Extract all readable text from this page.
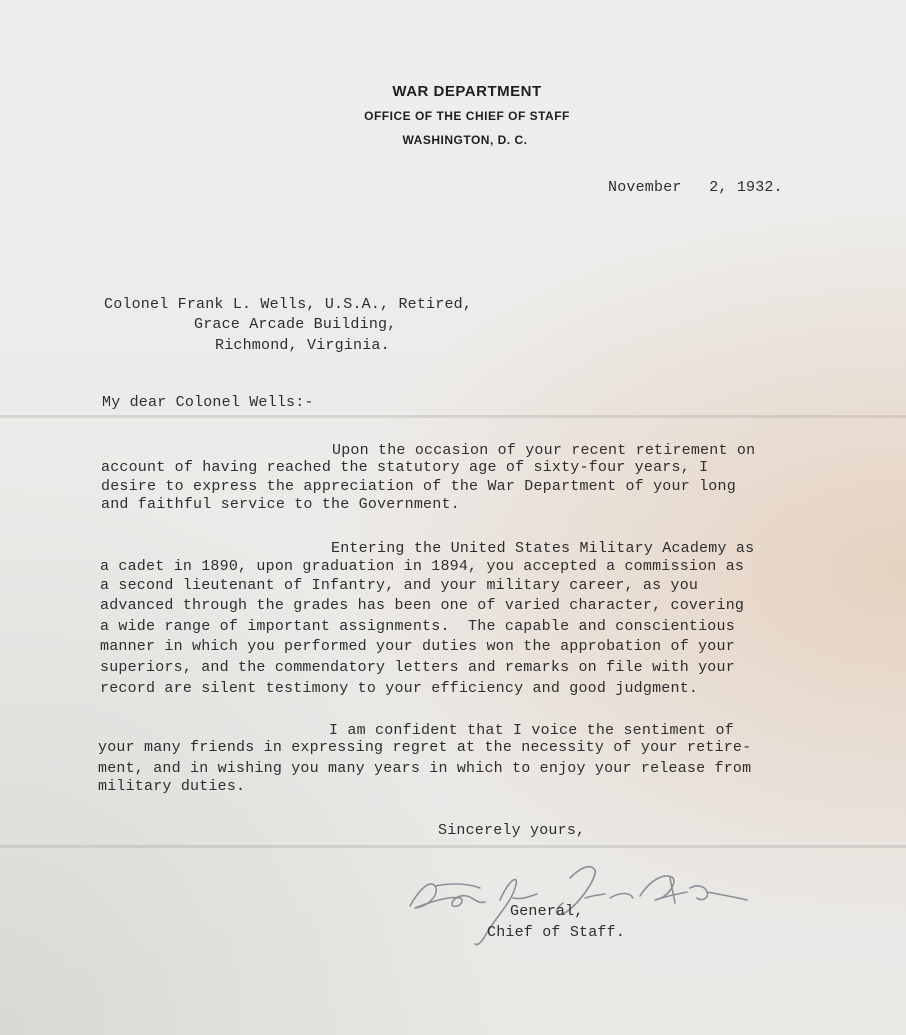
WAR DEPARTMENT
OFFICE OF THE CHIEF OF STAFF
WASHINGTON, D. C.
November   2, 1932.
Colonel Frank L. Wells, U.S.A., Retired,
Grace Arcade Building,
Richmond, Virginia.
My dear Colonel Wells:-
Upon the occasion of your recent retirement on
account of having reached the statutory age of sixty-four years, I
desire to express the appreciation of the War Department of your long
and faithful service to the Government.
Entering the United States Military Academy as
a cadet in 1890, upon graduation in 1894, you accepted a commission as
a second lieutenant of Infantry, and your military career, as you
advanced through the grades has been one of varied character, covering
a wide range of important assignments.  The capable and conscientious
manner in which you performed your duties won the approbation of your
superiors, and the commendatory letters and remarks on file with your
record are silent testimony to your efficiency and good judgment.
I am confident that I voice the sentiment of
your many friends in expressing regret at the necessity of your retire-
ment, and in wishing you many years in which to enjoy your release from
military duties.
Sincerely yours,
General,
Chief of Staff.
